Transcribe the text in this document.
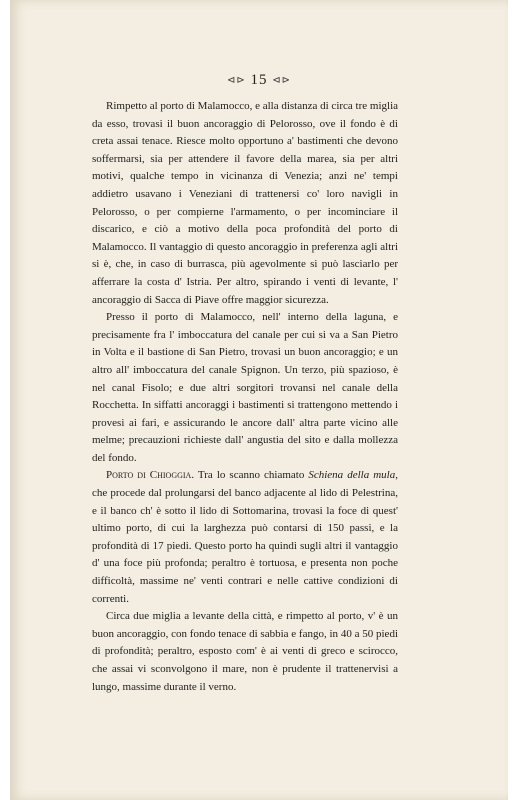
⊲⊳ 15 ⊲⊳

Rimpetto al porto di Malamocco, e alla distanza di circa tre miglia da esso, trovasi il buon ancoraggio di Pelorosso, ove il fondo è di creta assai tenace. Riesce molto opportuno a' bastimenti che devono soffermarsi, sia per attendere il favore della marea, sia per altri motivi, qualche tempo in vicinanza di Venezia; anzi ne' tempi addietro usavano i Veneziani di trattenersi co' loro navigli in Pelorosso, o per compierne l'armamento, o per incominciare il discarico, e ciò a motivo della poca profondità del porto di Malamocco. Il vantaggio di questo ancoraggio in preferenza agli altri si è, che, in caso di burrasca, più agevolmente si può lasciarlo per afferrare la costa d' Istria. Per altro, spirando i venti di levante, l' ancoraggio di Sacca di Piave offre maggior sicurezza.

Presso il porto di Malamocco, nell' interno della laguna, e precisamente fra l' imboccatura del canale per cui si va a San Pietro in Volta e il bastione di San Pietro, trovasi un buon ancoraggio; e un altro all' imboccatura del canale Spignon. Un terzo, più spazioso, è nel canal Fisolo; e due altri sorgitori trovansi nel canale della Rocchetta. In siffatti ancoraggi i bastimenti si trattengono mettendo i provesi ai fari, e assicurando le ancore dall' altra parte vicino alle melme; precauzioni richieste dall' angustia del sito e dalla mollezza del fondo.

Porto di Chioggia. Tra lo scanno chiamato Schiena della mula, che procede dal prolungarsi del banco adjacente al lido di Pelestrina, e il banco ch' è sotto il lido di Sottomarina, trovasi la foce di quest' ultimo porto, di cui la larghezza può contarsi di 150 passi, e la profondità di 17 piedi. Questo porto ha quindi sugli altri il vantaggio d' una foce più profonda; peraltro è tortuosa, e presenta non poche difficoltà, massime ne' venti contrari e nelle cattive condizioni di correnti.

Circa due miglia a levante della città, e rimpetto al porto, v' è un buon ancoraggio, con fondo tenace di sabbia e fango, in 40 a 50 piedi di profondità; peraltro, esposto com' è ai venti di greco e scirocco, che assai vi sconvolgono il mare, non è prudente il trattenervisi a lungo, massime durante il verno.
